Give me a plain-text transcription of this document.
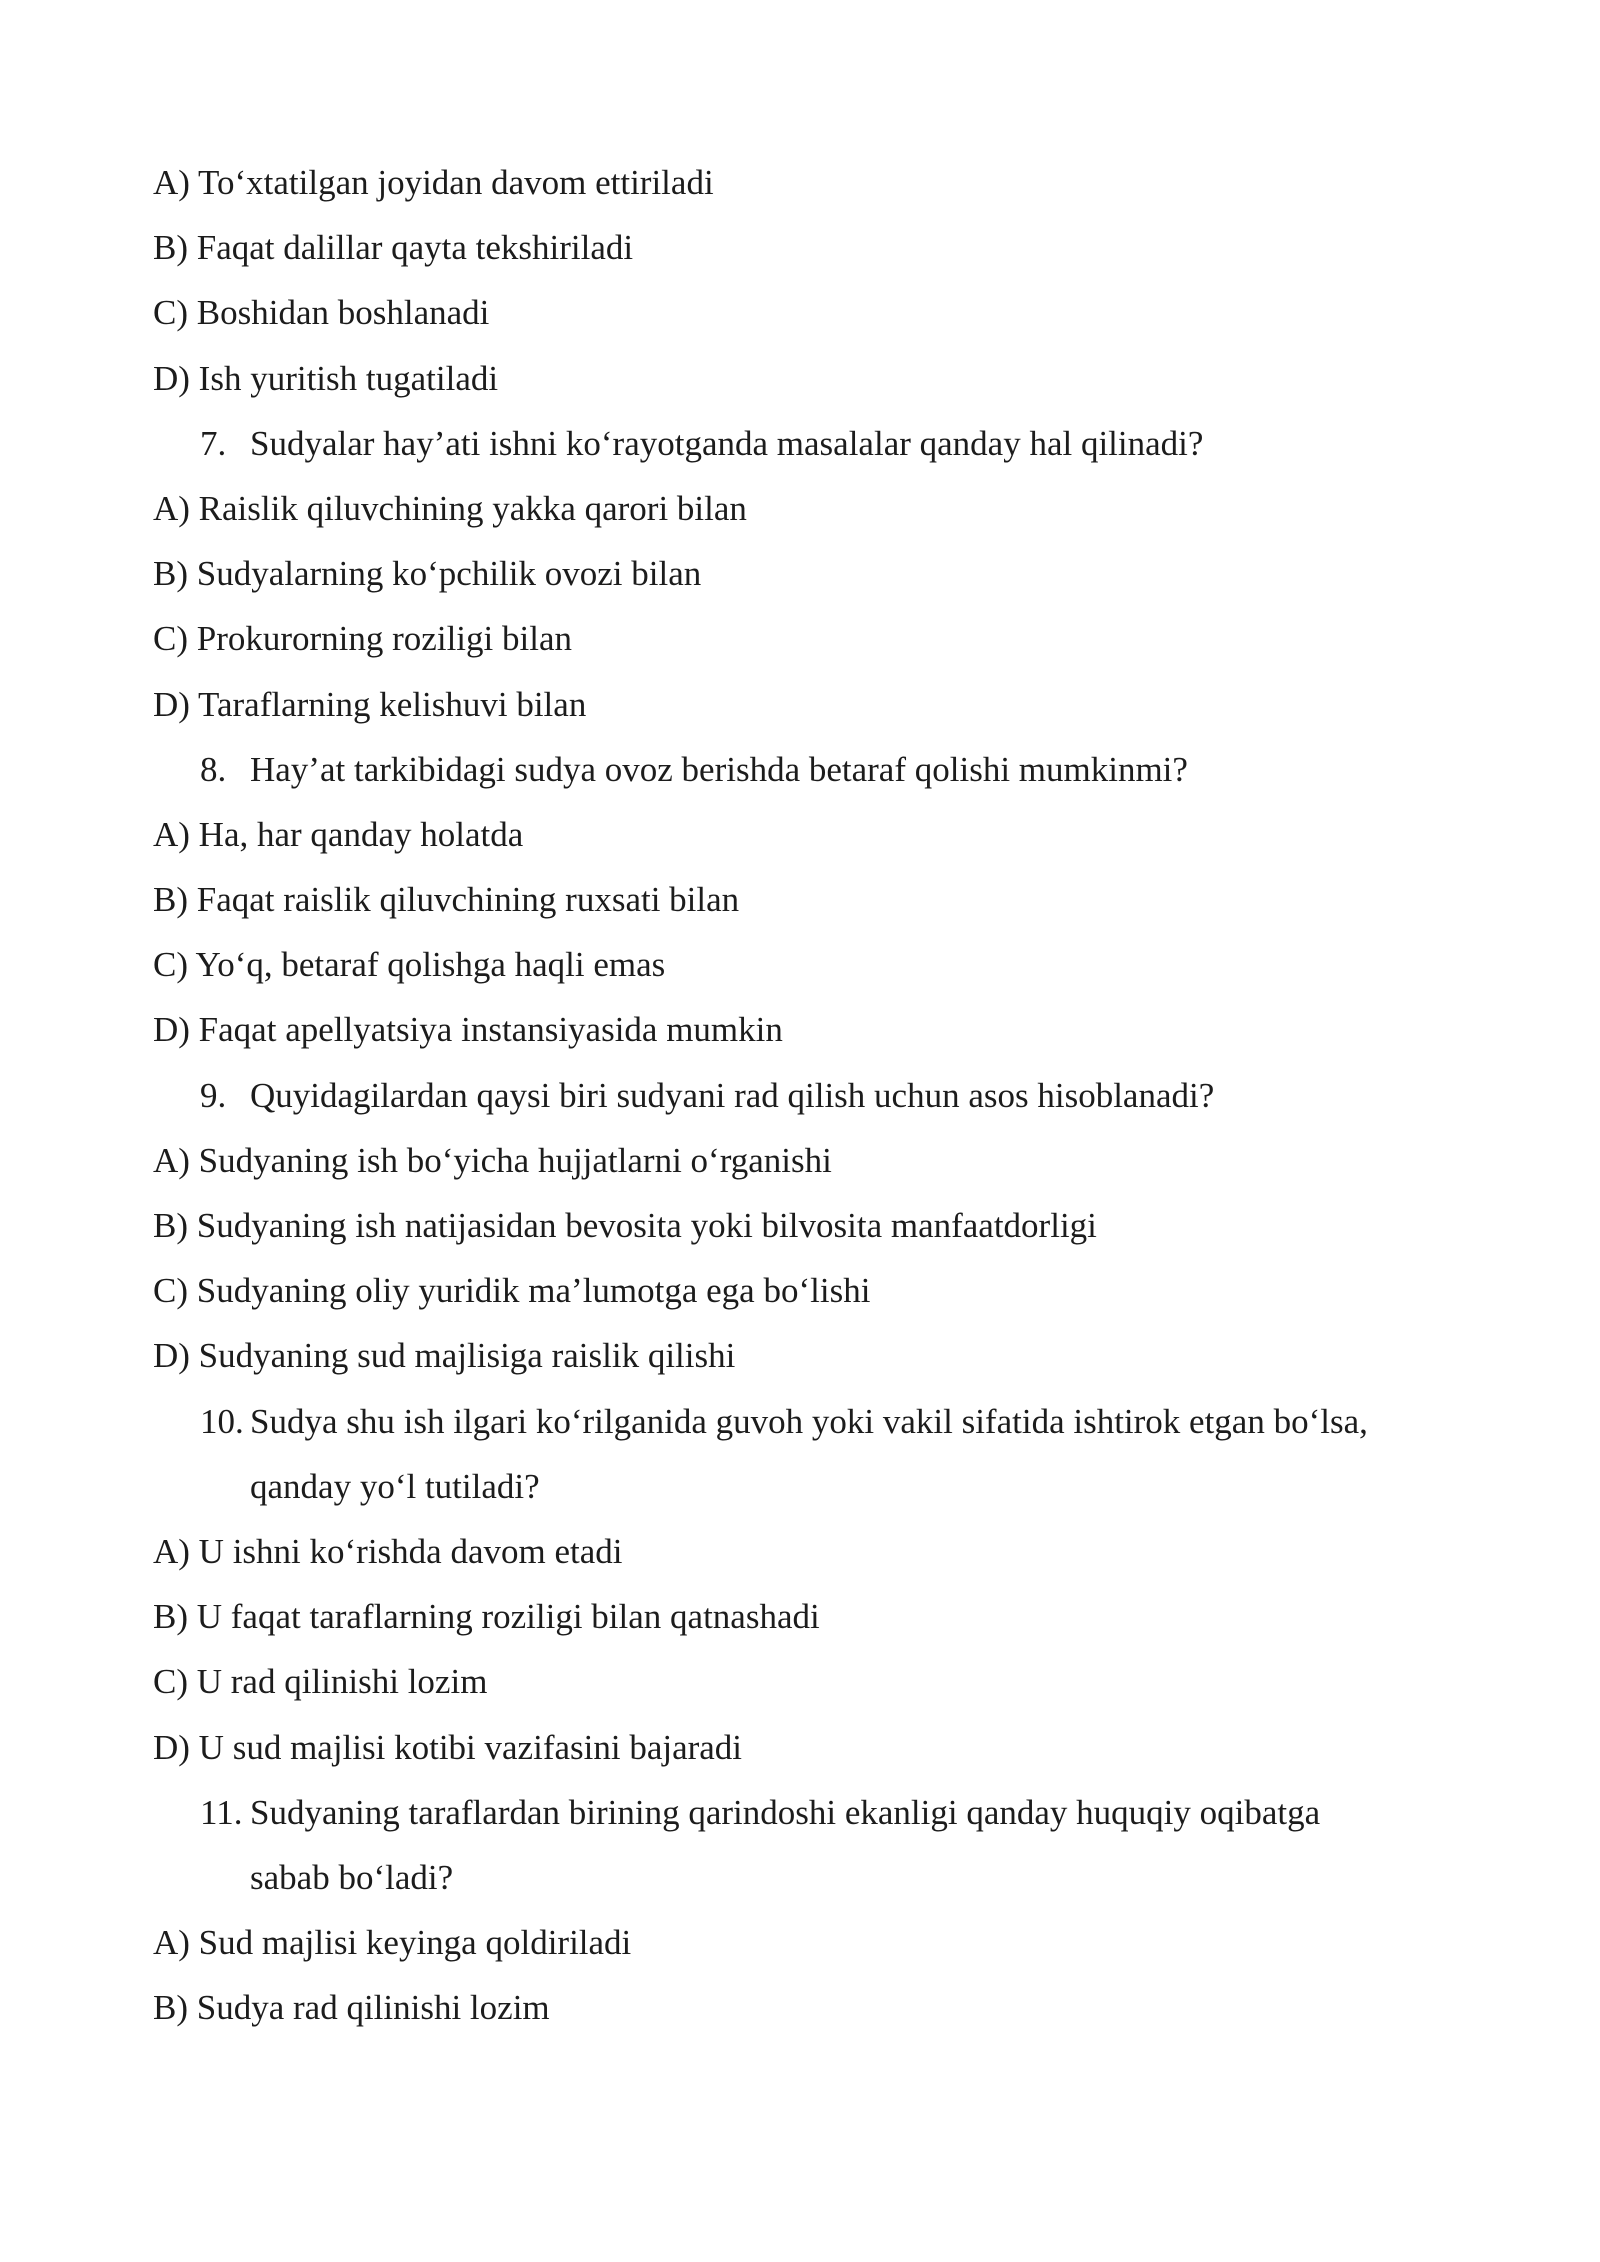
A) To‘xtatilgan joyidan davom ettiriladi
B) Faqat dalillar qayta tekshiriladi
C) Boshidan boshlanadi
D) Ish yuritish tugatiladi
7. Sudyalar hay’ati ishni ko‘rayotganda masalalar qanday hal qilinadi?
A) Raislik qiluvchining yakka qarori bilan
B) Sudyalarning ko‘pchilik ovozi bilan
C) Prokurorning roziligi bilan
D) Taraflarning kelishuvi bilan
8. Hay’at tarkibidagi sudya ovoz berishda betaraf qolishi mumkinmi?
A) Ha, har qanday holatda
B) Faqat raislik qiluvchining ruxsati bilan
C) Yo‘q, betaraf qolishga haqli emas
D) Faqat apellyatsiya instansiyasida mumkin
9. Quyidagilardan qaysi biri sudyani rad qilish uchun asos hisoblanadi?
A) Sudyaning ish bo‘yicha hujjatlarni o‘rganishi
B) Sudyaning ish natijasidan bevosita yoki bilvosita manfaatdorligi
C) Sudyaning oliy yuridik ma’lumotga ega bo‘lishi
D) Sudyaning sud majlisiga raislik qilishi
10. Sudya shu ish ilgari ko‘rilganida guvoh yoki vakil sifatida ishtirok etgan bo‘lsa,
qanday yo‘l tutiladi?
A) U ishni ko‘rishda davom etadi
B) U faqat taraflarning roziligi bilan qatnashadi
C) U rad qilinishi lozim
D) U sud majlisi kotibi vazifasini bajaradi
11. Sudyaning taraflardan birining qarindoshi ekanligi qanday huquqiy oqibatga
sabab bo‘ladi?
A) Sud majlisi keyinga qoldiriladi
B) Sudya rad qilinishi lozim
